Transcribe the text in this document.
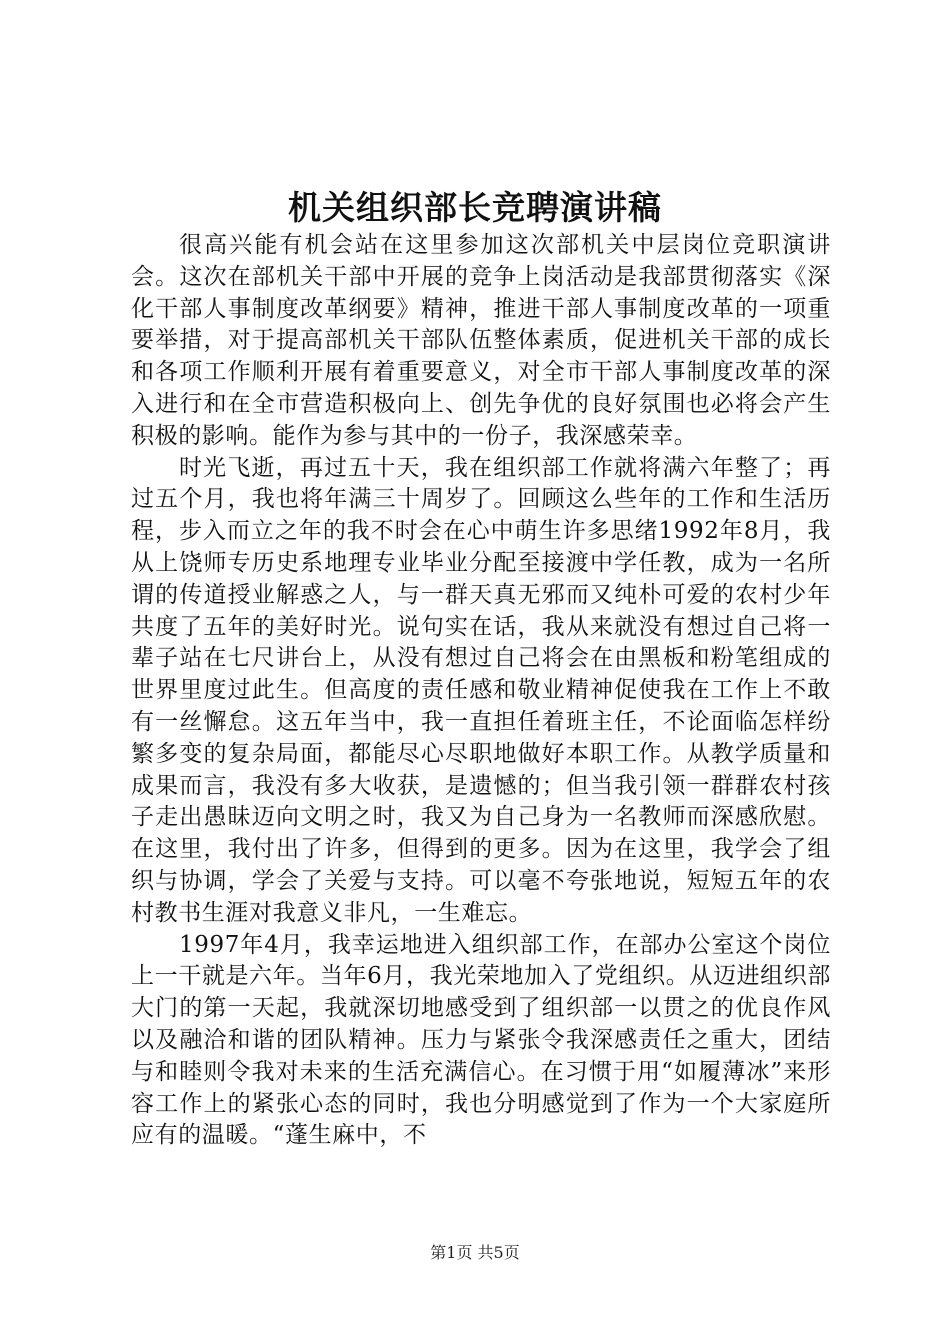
机关组织部长竞聘演讲稿

很高兴能有机会站在这里参加这次部机关中层岗位竞职演讲会。这次在部机关干部中开展的竞争上岗活动是我部贯彻落实《深化干部人事制度改革纲要》精神，推进干部人事制度改革的一项重要举措，对于提高部机关干部队伍整体素质，促进机关干部的成长和各项工作顺利开展有着重要意义，对全市干部人事制度改革的深入进行和在全市营造积极向上、创先争优的良好氛围也必将会产生积极的影响。能作为参与其中的一份子，我深感荣幸。

时光飞逝，再过五十天，我在组织部工作就将满六年整了；再过五个月，我也将年满三十周岁了。回顾这么些年的工作和生活历程，步入而立之年的我不时会在心中萌生许多思绪1992年8月，我从上饶师专历史系地理专业毕业分配至接渡中学任教，成为一名所谓的传道授业解惑之人，与一群天真无邪而又纯朴可爱的农村少年共度了五年的美好时光。说句实在话，我从来就没有想过自己将一辈子站在七尺讲台上，从没有想过自己将会在由黑板和粉笔组成的世界里度过此生。但高度的责任感和敬业精神促使我在工作上不敢有一丝懈怠。这五年当中，我一直担任着班主任，不论面临怎样纷繁多变的复杂局面，都能尽心尽职地做好本职工作。从教学质量和成果而言，我没有多大收获，是遗憾的；但当我引领一群群农村孩子走出愚昧迈向文明之时，我又为自己身为一名教师而深感欣慰。在这里，我付出了许多，但得到的更多。因为在这里，我学会了组织与协调，学会了关爱与支持。可以毫不夸张地说，短短五年的农村教书生涯对我意义非凡，一生难忘。

1997年4月，我幸运地进入组织部工作，在部办公室这个岗位上一干就是六年。当年6月，我光荣地加入了党组织。从迈进组织部大门的第一天起，我就深切地感受到了组织部一以贯之的优良作风以及融洽和谐的团队精神。压力与紧张令我深感责任之重大，团结与和睦则令我对未来的生活充满信心。在习惯于用“如履薄冰”来形容工作上的紧张心态的同时，我也分明感觉到了作为一个大家庭所应有的温暖。“蓬生麻中，不

第1页 共5页
